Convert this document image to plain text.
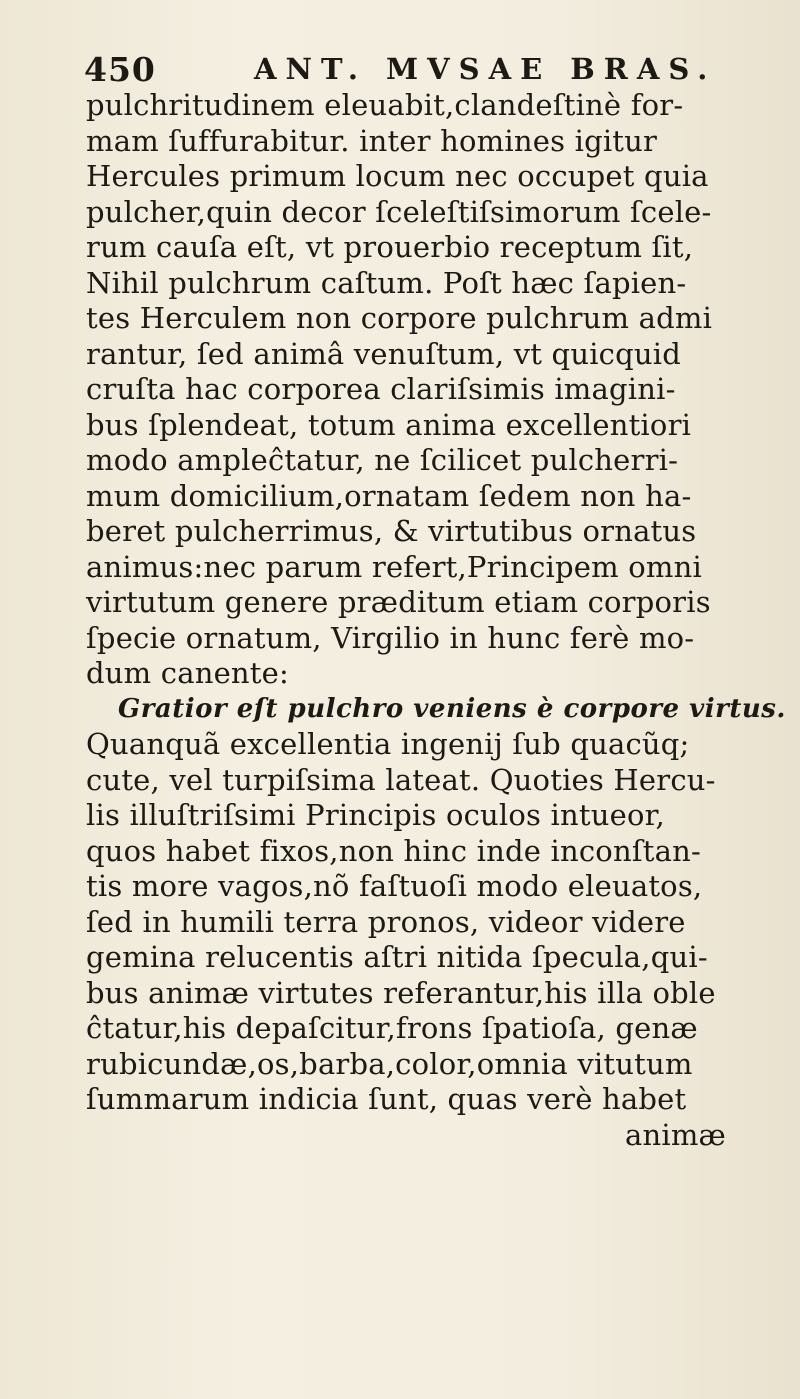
450	ANT. MVSAE BRAS.
pulchritudinem eleuabit,clandeſtinè for-
mam ſuffurabitur. inter homines igitur
Hercules primum locum nec occupet quia
pulcher,quin decor ſceleſtiſsimorum ſcele-
rum cauſa eſt, vt prouerbio receptum ſit,
Nihil pulchrum caſtum. Poſt hæc ſapien-
tes Herculem non corpore pulchrum admi
rantur, ſed animâ venuſtum, vt quicquid
cruſta hac corporea clariſsimis imagini-
bus ſplendeat, totum anima excellentiori
modo ampleĉtatur, ne ſcilicet pulcherri-
mum domicilium,ornatam ſedem non ha-
beret pulcherrimus, & virtutibus ornatus
animus:nec parum refert,Principem omni
virtutum genere præditum etiam corporis
ſpecie ornatum, Virgilio in hunc ferè mo-
dum canente:
Gratior eſt pulchro veniens è corpore virtus.
Quanquã excellentia ingenij ſub quacũq;
cute, vel turpiſsima lateat. Quoties Hercu-
lis illuſtriſsimi Principis oculos intueor,
quos habet fixos,non hinc inde inconſtan-
tis more vagos,nõ faſtuoſi modo eleuatos,
ſed in humili terra pronos, videor videre
gemina relucentis aſtri nitida ſpecula,qui-
bus animæ virtutes referantur,his illa oble
ĉtatur,his depaſcitur,frons ſpatioſa, genæ
rubicundæ,os,barba,color,omnia vitutum
ſummarum indicia ſunt, quas verè habet
animæ
